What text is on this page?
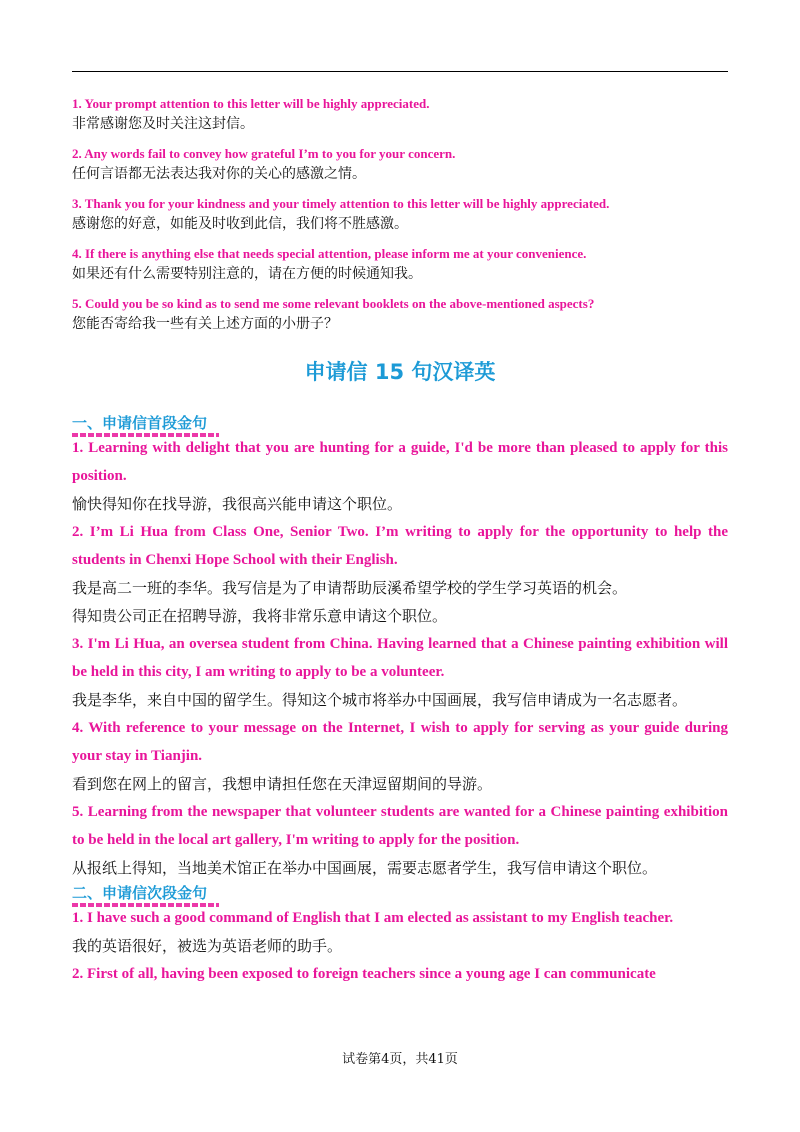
1. Your prompt attention to this letter will be highly appreciated.
非常感谢您及时关注这封信。
2. Any words fail to convey how grateful I’m to you for your concern.
任何言语都无法表达我对你的关心的感激之情。
3. Thank you for your kindness and your timely attention to this letter will be highly appreciated.
感谢您的好意，如能及时收到此信，我们将不胜感激。
4. If there is anything else that needs special attention, please inform me at your convenience.
如果还有什么需要特别注意的，请在方便的时候通知我。
5. Could you be so kind as to send me some relevant booklets on the above-mentioned aspects?
您能否寄给我一些有关上述方面的小册子？
申请信 15 句汉译英
一、申请信首段金句
1. Learning with delight that you are hunting for a guide, I'd be more than pleased to apply for this position.
愉快得知你在找导游，我很高兴能申请这个职位。
2. I’m Li Hua from Class One, Senior Two. I’m writing to apply for the opportunity to help the students in Chenxi Hope School with their English.
我是高二一班的李华。我写信是为了申请帮助辰溪希望学校的学生学习英语的机会。
得知贵公司正在招聘导游，我将非常乐意申请这个职位。
3. I'm Li Hua, an oversea student from China. Having learned that a Chinese painting exhibition will be held in this city, I am writing to apply to be a volunteer.
我是李华，来自中国的留学生。得知这个城市将举办中国画展，我写信申请成为一名志愿者。
4. With reference to your message on the Internet, I wish to apply for serving as your guide during your stay in Tianjin.
看到您在网上的留言，我想申请担任您在天津逗留期间的导游。
5. Learning from the newspaper that volunteer students are wanted for a Chinese painting exhibition to be held in the local art gallery, I'm writing to apply for the position.
从报纸上得知，当地美术馆正在举办中国画展，需要志愿者学生，我写信申请这个职位。
二、申请信次段金句
1. I have such a good command of English that I am elected as assistant to my English teacher.
我的英语很好，被选为英语老师的助手。
2. First of all, having been exposed to foreign teachers since a young age I can communicate
试卷第4页，共41页
